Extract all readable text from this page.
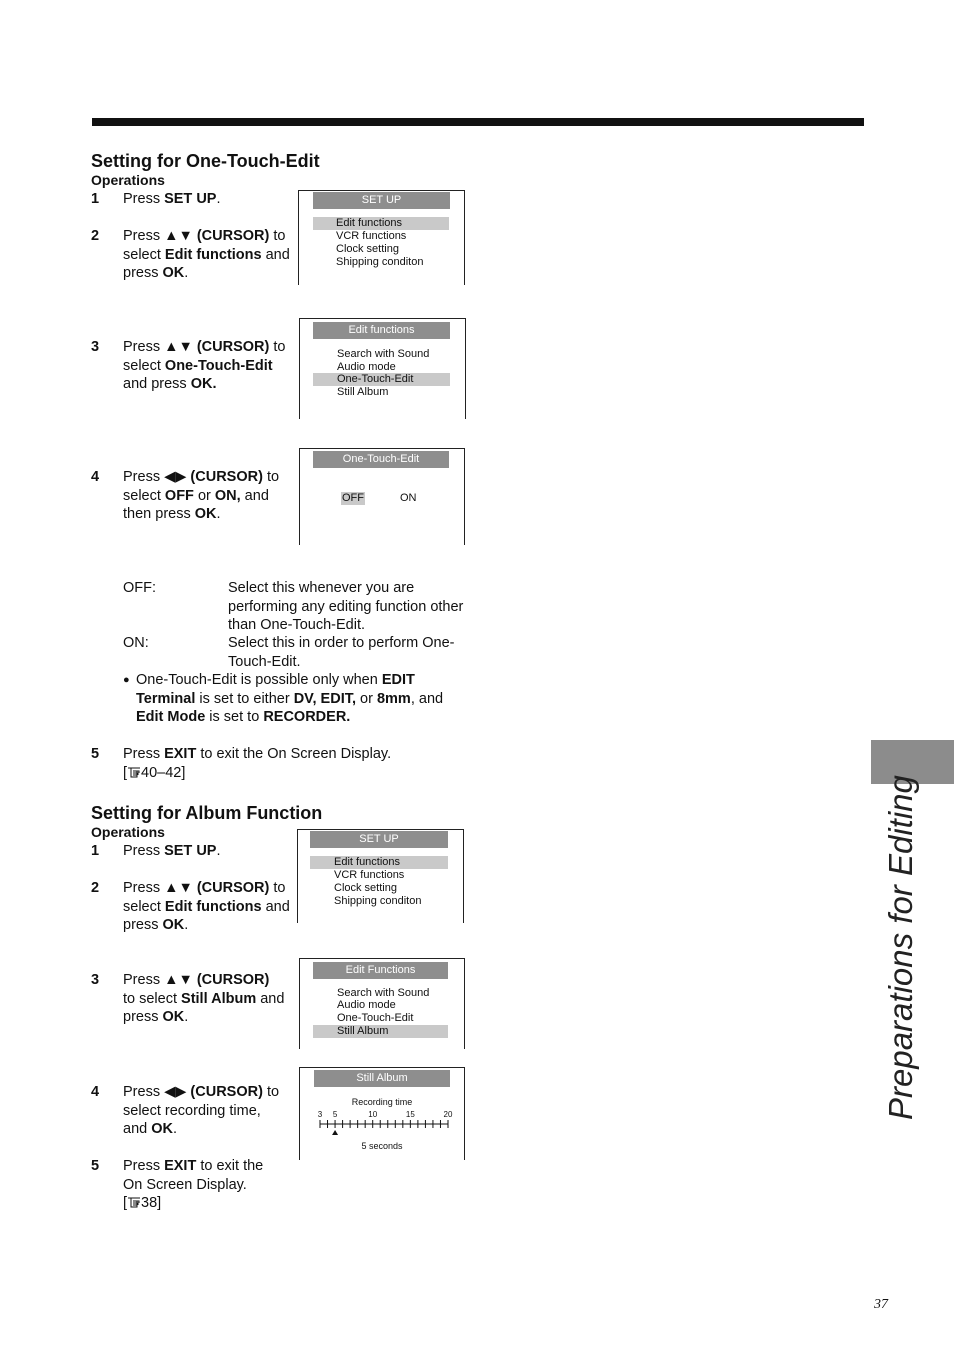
Setting for One-Touch-Edit
Operations
1 Press SET UP.
2 Press ▲▼ (CURSOR) to select Edit functions and press OK.
3 Press ▲▼ (CURSOR) to select One-Touch-Edit and press OK.
4 Press ◀▶ (CURSOR) to select OFF or ON, and then press OK.
SET UP
Edit functions
VCR functions
Clock setting
Shipping conditon
Edit functions
Search with Sound
Audio mode
One-Touch-Edit
Still Album
One-Touch-Edit
OFF	ON
OFF:	Select this whenever you are performing any editing function other than One-Touch-Edit.
ON:	Select this in order to perform One-Touch-Edit.
● One-Touch-Edit is possible only when EDIT Terminal is set to either DV, EDIT, or 8mm, and Edit Mode is set to RECORDER.
5 Press EXIT to exit the On Screen Display.
[ 40–42]
Setting for Album Function
Operations
1 Press SET UP.
2 Press ▲▼ (CURSOR) to select Edit functions and press OK.
3 Press ▲▼ (CURSOR) to select Still Album and press OK.
4 Press ◀▶ (CURSOR) to select recording time, and OK.
5 Press EXIT to exit the On Screen Display.
[ 38]
SET UP
Edit functions
VCR functions
Clock setting
Shipping conditon
Edit Functions
Search with Sound
Audio mode
One-Touch-Edit
Still Album
Still Album
Recording time
3 5	10	15	20
5 seconds
Preparations for Editing
37
